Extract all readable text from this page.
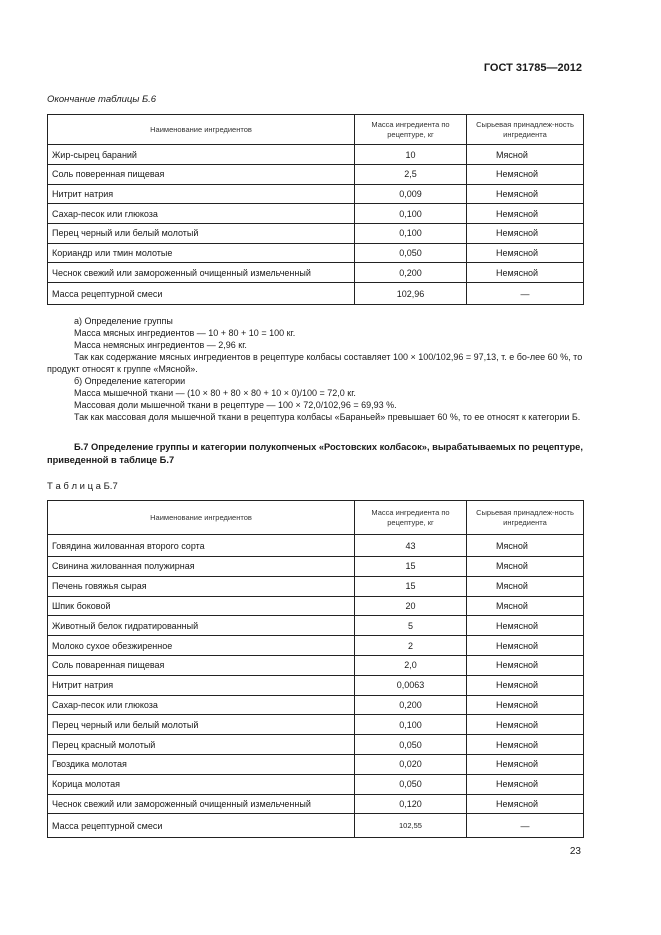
ГОСТ 31785—2012
Окончание таблицы Б.6
Наименование ингредиентов	Масса ингредиента по рецептуре, кг	Сырьевая принадлеж-ность ингредиента
Жир-сырец бараний	10	Мясной
Соль поверенная пищевая	2,5	Немясной
Нитрит натрия	0,009	Немясной
Сахар-песок или глюкоза	0,100	Немясной
Перец черный или белый молотый	0,100	Немясной
Кориандр или тмин молотые	0,050	Немясной
Чеснок свежий или замороженный очищенный измельченный	0,200	Немясной
Масса рецептурной смеси	102,96	—
а) Определение группы
Масса мясных ингредиентов — 10 + 80 + 10 = 100 кг.
Масса немясных ингредиентов — 2,96 кг.
Так как содержание мясных ингредиентов в рецептуре колбасы составляет 100 × 100/102,96 = 97,13, т. е бо-лее 60 %, то продукт относят к группе «Мясной».
б) Определение категории
Масса мышечной ткани — (10 × 80 + 80 × 80 + 10 × 0)/100 = 72,0 кг.
Массовая доли мышечной ткани в рецептуре — 100 × 72,0/102,96 = 69,93 %.
Так как массовая доля мышечной ткани в рецептура колбасы «Бараньей» превышает 60 %, то ее относят к категории Б.
Б.7 Определение группы и категории полукопченых «Ростовских колбасок», вырабатываемых по рецептуре, приведенной в таблице Б.7
Т а б л и ц а Б.7
Наименование ингредиентов	Масса ингредиента по рецептуре, кг	Сырьевая принадлеж-ность ингредиента
Говядина жилованная второго сорта	43	Мясной
Свинина жилованная полужирная	15	Мясной
Печень говяжья сырая	15	Мясной
Шпик боковой	20	Мясной
Животный белок гидратированный	5	Немясной
Молоко сухое обезжиренное	2	Немясной
Соль поваренная пищевая	2,0	Немясной
Нитрит натрия	0,0063	Немясной
Сахар-песок или глюкоза	0,200	Немясной
Перец черный или белый молотый	0,100	Немясной
Перец красный молотый	0,050	Немясной
Гвоздика молотая	0,020	Немясной
Корица молотая	0,050	Немясной
Чеснок свежий или замороженный очищенный измельченный	0,120	Немясной
Масса рецептурной смеси	102,55	—
23
